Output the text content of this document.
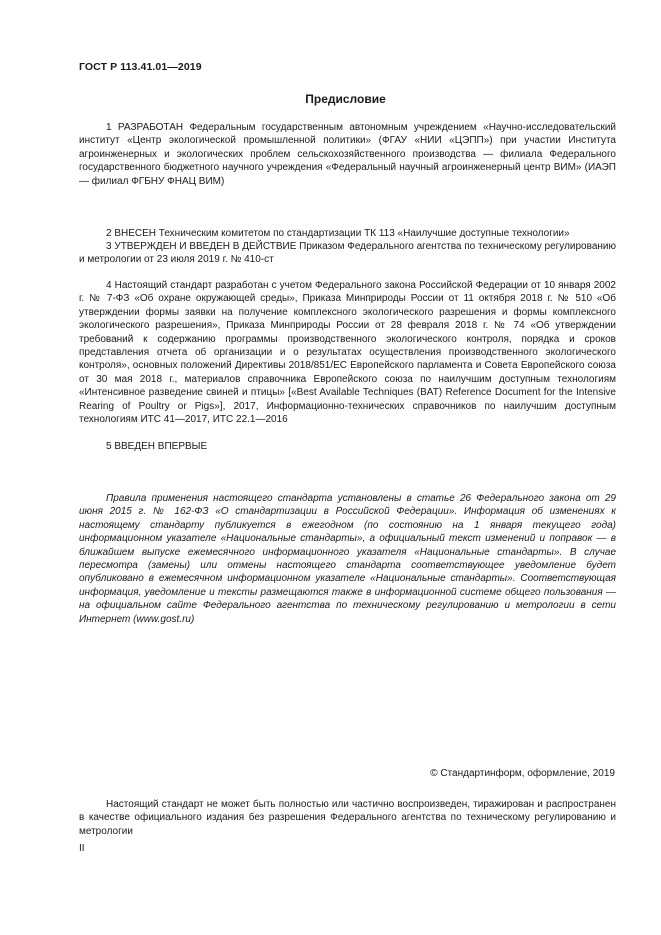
ГОСТ Р 113.41.01—2019
Предисловие

1 РАЗРАБОТАН Федеральным государственным автономным учреждением «Научно-исследовательский институт «Центр экологической промышленной политики» (ФГАУ «НИИ «ЦЭПП») при участии Института агроинженерных и экологических проблем сельскохозяйственного производства — филиала Федерального государственного бюджетного научного учреждения «Федеральный научный агроинженерный центр ВИМ» (ИАЭП — филиал ФГБНУ ФНАЦ ВИМ)

2 ВНЕСЕН Техническим комитетом по стандартизации ТК 113 «Наилучшие доступные технологии»

3 УТВЕРЖДЕН И ВВЕДЕН В ДЕЙСТВИЕ Приказом Федерального агентства по техническому регулированию и метрологии от 23 июля 2019 г. № 410-ст

4 Настоящий стандарт разработан с учетом Федерального закона Российской Федерации от 10 января 2002 г. № 7-ФЗ «Об охране окружающей среды», Приказа Минприроды России от 11 октября 2018 г. № 510 «Об утверждении формы заявки на получение комплексного экологического разрешения и формы комплексного экологического разрешения», Приказа Минприроды России от 28 февраля 2018 г. № 74 «Об утверждении требований к содержанию программы производственного экологического контроля, порядка и сроков представления отчета об организации и о результатах осуществления производственного экологического контроля», основных положений Директивы 2018/851/ЕС Европейского парламента и Совета Европейского союза от 30 мая 2018 г., материалов справочника Европейского союза по наилучшим доступным технологиям «Интенсивное разведение свиней и птицы» [«Best Available Techniques (BAT) Reference Document for the Intensive Rearing of Poultry or Pigs»], 2017, Информационно-технических справочников по наилучшим доступным технологиям ИТС 41—2017, ИТС 22.1—2016

5 ВВЕДЕН ВПЕРВЫЕ

Правила применения настоящего стандарта установлены в статье 26 Федерального закона от 29 июня 2015 г. № 162-ФЗ «О стандартизации в Российской Федерации». Информация об изменениях к настоящему стандарту публикуется в ежегодном (по состоянию на 1 января текущего года) информационном указателе «Национальные стандарты», а официальный текст изменений и поправок — в ближайшем выпуске ежемесячного информационного указателя «Национальные стандарты». В случае пересмотра (замены) или отмены настоящего стандарта соответствующее уведомление будет опубликовано в ежемесячном информационном указателе «Национальные стандарты». Соответствующая информация, уведомление и тексты размещаются также в информационной системе общего пользования — на официальном сайте Федерального агентства по техническому регулированию и метрологии в сети Интернет (www.gost.ru)

© Стандартинформ, оформление, 2019

Настоящий стандарт не может быть полностью или частично воспроизведен, тиражирован и распространен в качестве официального издания без разрешения Федерального агентства по техническому регулированию и метрологии

II
